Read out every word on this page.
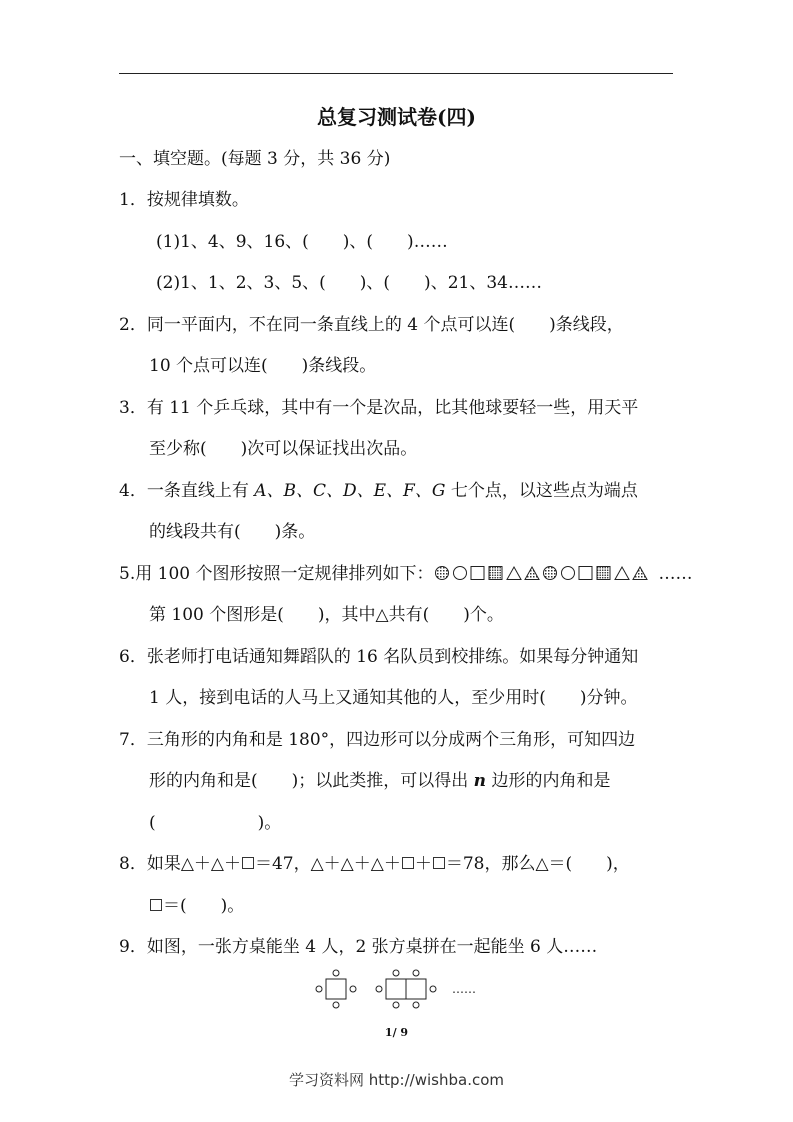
总复习测试卷(四)
一、填空题。(每题 3 分，共 36 分)
1．按规律填数。
(1)1、4、9、16、(　　)、(　　)……
(2)1、1、2、3、5、(　　)、(　　)、21、34……
2．同一平面内，不在同一条直线上的 4 个点可以连(　　)条线段，
10 个点可以连(　　)条线段。
3．有 11 个乒乓球，其中有一个是次品，比其他球要轻一些，用天平
至少称(　　)次可以保证找出次品。
4．一条直线上有 A、B、C、D、E、F、G 七个点，以这些点为端点
的线段共有(　　)条。
5.用 100 个图形按照一定规律排列如下：	……
第 100 个图形是(　　)，其中△共有(　　)个。
6．张老师打电话通知舞蹈队的 16 名队员到校排练。如果每分钟通知
1 人，接到电话的人马上又通知其他的人，至少用时(　　)分钟。
7．三角形的内角和是 180°，四边形可以分成两个三角形，可知四边
形的内角和是(　　)；以此类推，可以得出 n 边形的内角和是
(　　　　　　)。
8．如果△＋△＋ ＝47，△＋△＋△＋ ＋ ＝78，那么△＝(　　)，
＝(　　)。
9．如图，一张方桌能坐 4 人，2 张方桌拼在一起能坐 6 人……
……
1/ 9
学习资料网 http://wishba.com
